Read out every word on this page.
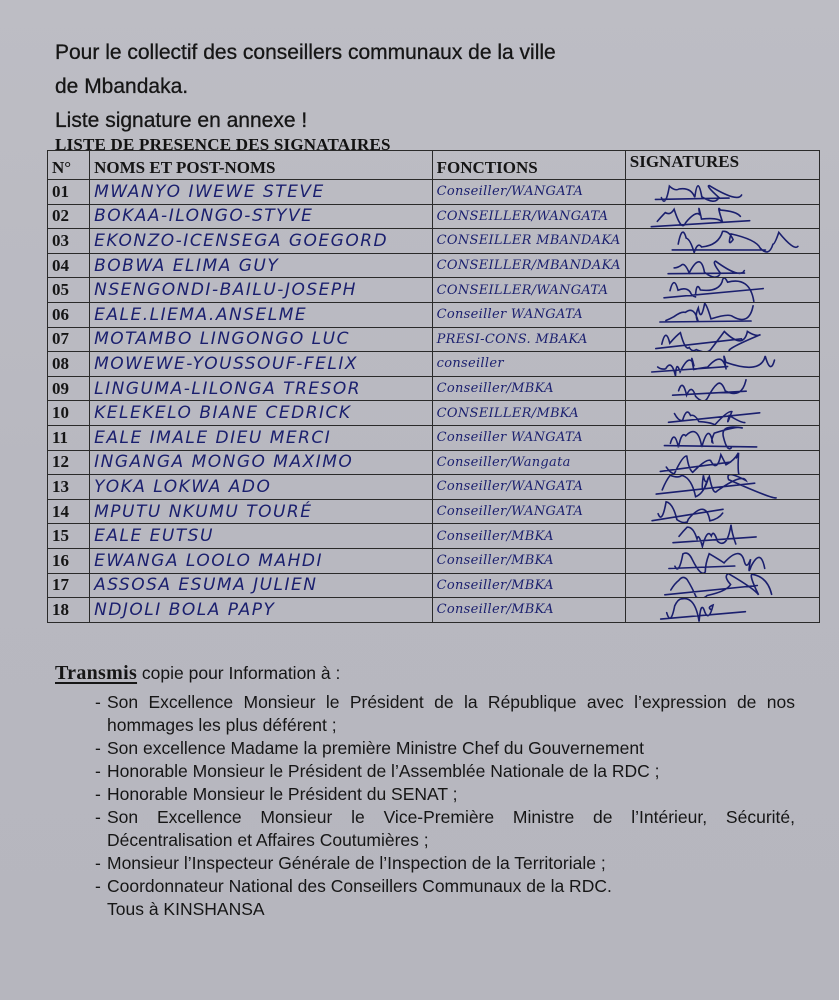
Pour le collectif des conseillers communaux de la ville
de Mbandaka.
Liste signature en annexe !
LISTE DE PRESENCE DES SIGNATAIRES
N°	NOMS ET POST-NOMS	FONCTIONS	SIGNATURES
01	MWANYO IWEWE STEVE	Conseiller/WANGATA	

02	BOKAA-ILONGO-STYVE	CONSEILLER/WANGATA	

03	EKONZO-ICENSEGA GOEGORD	CONSEILLER MBANDAKA	

04	BOBWA ELIMA GUY	CONSEILLER/MBANDAKA	

05	NSENGONDI-BAILU-JOSEPH	CONSEILLER/WANGATA	

06	EALE.LIEMA.ANSELME	Conseiller WANGATA	

07	MOTAMBO LINGONGO LUC	PRESI-CONS. MBAKA	

08	MOWEWE-YOUSSOUF-FELIX	conseiller	

09	LINGUMA-LILONGA TRESOR	Conseiller/MBKA	

10	KELEKELO BIANE CEDRICK	CONSEILLER/MBKA	

11	EALE IMALE DIEU MERCI	Conseiller WANGATA	

12	INGANGA MONGO MAXIMO	Conseiller/Wangata	

13	YOKA LOKWA ADO	Conseiller/WANGATA	

14	MPUTU NKUMU TOURÉ	Conseiller/WANGATA	

15	EALE EUTSU	Conseiller/MBKA	

16	EWANGA LOOLO MAHDI	Conseiller/MBKA	

17	ASSOSA ESUMA JULIEN	Conseiller/MBKA	

18	NDJOLI BOLA PAPY	Conseiller/MBKA	
Transmis copie pour Information à :
- Son Excellence Monsieur le Président de la République avec l’expression de nos hommages les plus déférent ;
- Son excellence Madame la première Ministre Chef du Gouvernement
- Honorable Monsieur le Président de l’Assemblée Nationale de la RDC ;
- Honorable Monsieur le Président du SENAT ;
- Son Excellence Monsieur le Vice-Première Ministre de l’Intérieur, Sécurité, Décentralisation et Affaires Coutumières ;
- Monsieur l’Inspecteur Générale de l’Inspection de la Territoriale ;
- Coordonnateur National des Conseillers Communaux de la RDC.
Tous à KINSHANSA
